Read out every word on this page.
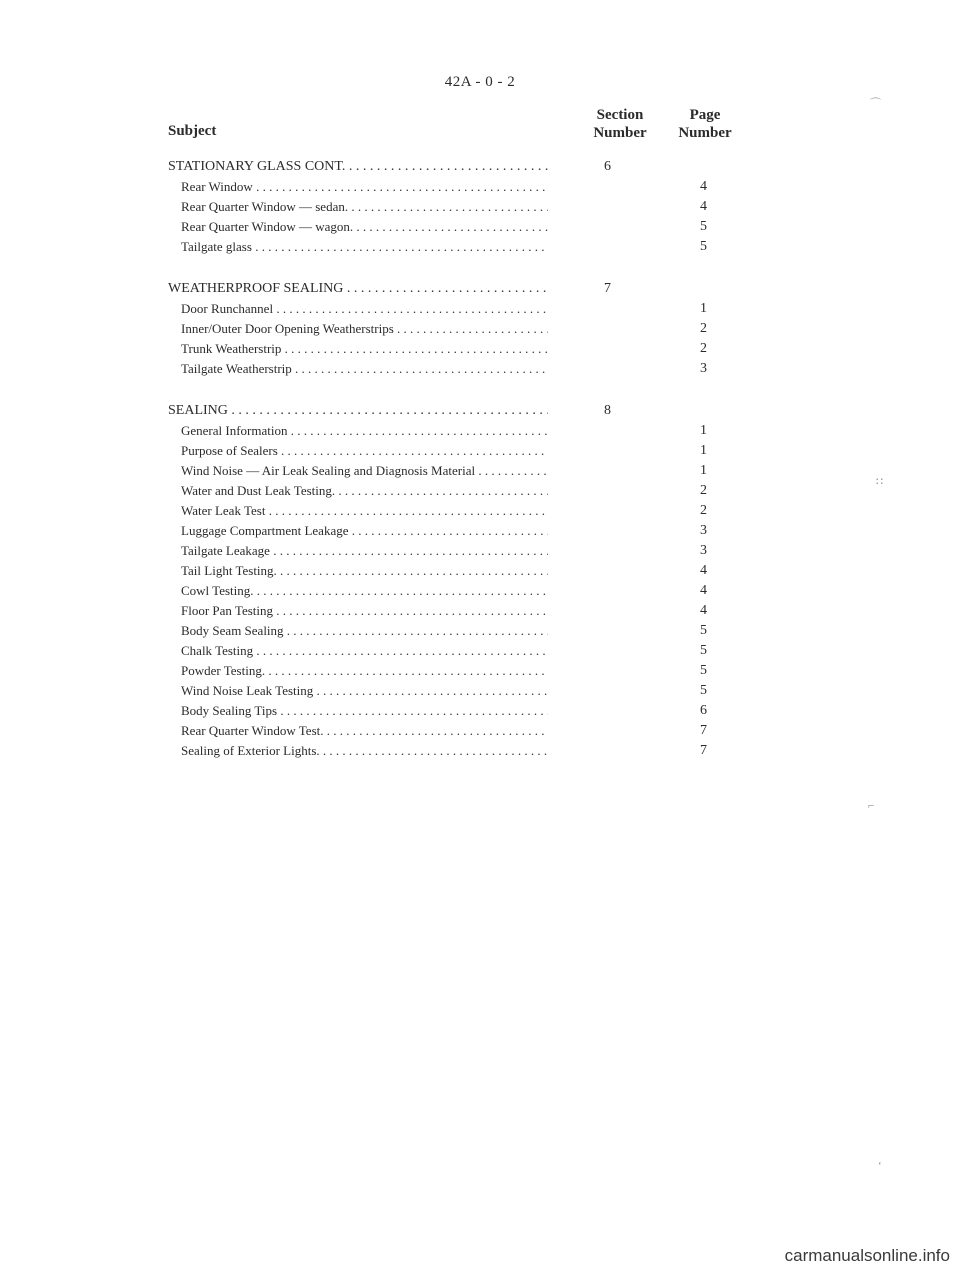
42A - 0 - 2
Section
Number
Page
Number
Subject
STATIONARY GLASS CONT. . . .	6
Rear Window . . .	4
Rear Quarter Window — sedan. . . .	4
Rear Quarter Window — wagon. . . .	5
Tailgate glass . . .	5
WEATHERPROOF SEALING . . .	7
Door Runchannel . . .	1
Inner/Outer Door Opening Weatherstrips . . .	2
Trunk Weatherstrip . . .	2
Tailgate Weatherstrip . . .	3
SEALING . . .	8
General Information . . .	1
Purpose of Sealers . . .	1
Wind Noise — Air Leak Sealing and Diagnosis Material . . .	1
Water and Dust Leak Testing. . . .	2
Water Leak Test . . .	2
Luggage Compartment Leakage . . .	3
Tailgate Leakage . . .	3
Tail Light Testing. . . .	4
Cowl Testing. . . .	4
Floor Pan Testing . . .	4
Body Seam Sealing . . .	5
Chalk Testing . . .	5
Powder Testing. . . .	5
Wind Noise Leak Testing . . .	5
Body Sealing Tips . . .	6
Rear Quarter Window Test. . . .	7
Sealing of Exterior Lights. . . .	7
⌒
∷
⌐
‘
carmanualsonline.info
